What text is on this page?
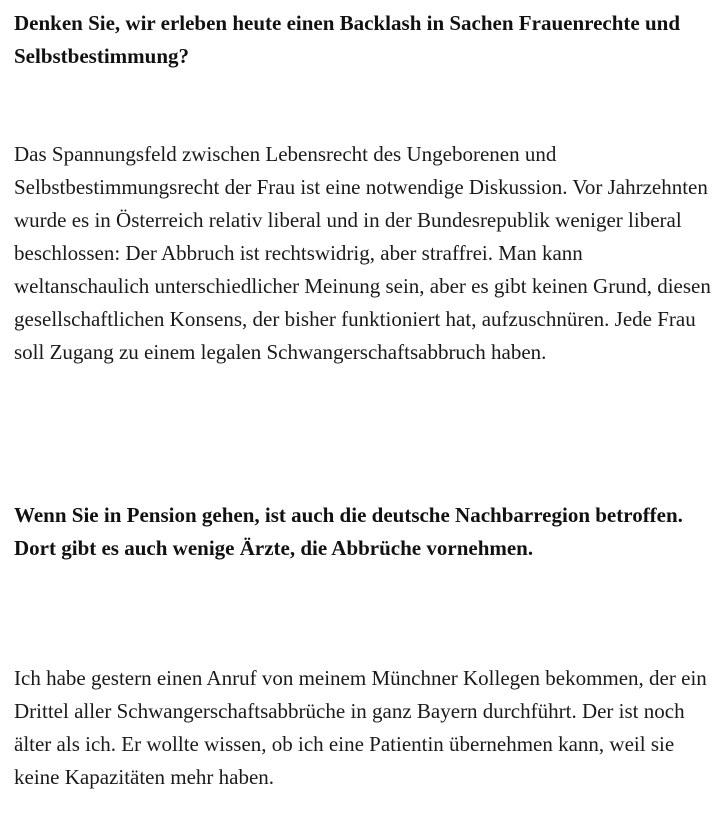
Denken Sie, wir erleben heute einen Backlash in Sachen Frauenrechte und Selbstbestimmung?

Das Spannungsfeld zwischen Lebensrecht des Ungeborenen und Selbstbestimmungsrecht der Frau ist eine notwendige Diskussion. Vor Jahrzehnten wurde es in Österreich relativ liberal und in der Bundesrepublik weniger liberal beschlossen: Der Abbruch ist rechtswidrig, aber straffrei. Man kann weltanschaulich unterschiedlicher Meinung sein, aber es gibt keinen Grund, diesen gesellschaftlichen Konsens, der bisher funktioniert hat, aufzuschnüren. Jede Frau soll Zugang zu einem legalen Schwangerschaftsabbruch haben.

Wenn Sie in Pension gehen, ist auch die deutsche Nachbarregion betroffen. Dort gibt es auch wenige Ärzte, die Abbrüche vornehmen.

Ich habe gestern einen Anruf von meinem Münchner Kollegen bekommen, der ein Drittel aller Schwangerschaftsabbrüche in ganz Bayern durchführt. Der ist noch älter als ich. Er wollte wissen, ob ich eine Patientin übernehmen kann, weil sie keine Kapazitäten mehr haben.
